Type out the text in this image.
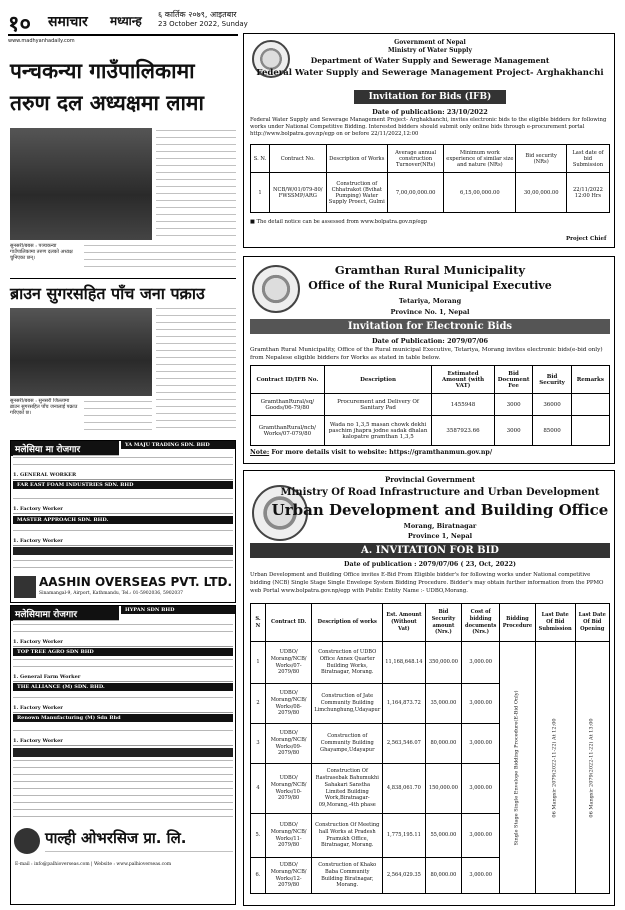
१० समाचार मध्यान्ह ६ कार्तिक २०७९, आइतबार
23 October 2022, Sunday
www.madhyanhadaily.com
पन्चकन्या गाउँपालिकामा
तरुण दल अध्यक्षमा लामा
सुनसरी/बबस : पञ्चकन्या गाउँपालिकामा तरुण दलको अध्यक्ष चुनिएका छन्।
ब्राउन सुगरसहित पाँच जना पक्राउ
सुनसरी/बबस : सुनसरी जिल्लामा ब्राउन सुगरसहित पाँच जनालाई पक्राउ गरिएको छ।
मलेसिया मा रोजगार	YA MAJU TRADING SDN. BHD
1. GENERAL WORKER
FAR EAST FOAM INDUSTRIES SDN. BHD
1. Factory Worker
MASTER APPROACH SDN. BHD.
1. Factory Worker
AASHIN OVERSEAS PVT. LTD.
Sinamangal-9, Airport, Kathmandu, Tel.: 01-5902036, 5902037
मलेसियामा रोजगार	HYPAN SDN BHD
1. Factory Worker
TOP TREE AGRO SDN BHD
1. General Farm Worker
THE ALLIANCE (M) SDN. BHD.
1. Factory Worker
Renown Manufacturing (M) Sdn Bhd
1. Factory Worker
पाल्ही ओभरसिज प्रा. लि.
E-mail : info@palhioverseas.com | Website : www.palhioverseas.com
Government of Nepal
Ministry of Water Supply
Department of Water Supply and Sewerage Management
Federal Water Supply and Sewerage Management Project- Arghakhanchi
Invitation for Bids (IFB)
Date of publication: 23/10/2022
Federal Water Supply and Sewerage Management Project- Arghakhanchi, invites electronic bids to the eligible bidders for following works under National Competitive Bidding. Interested bidders should submit only online bids through e-procurement portal http://www.bolpatra.gov.np/egp on or before 22/11/2022,12:00
S. N.	Contract No.	Description of Works	Average annual construction Turnover(NRs)	Minimum work experience of similar size and nature (NRs)	Bid security (NRs)	Last date of bid Submission
1	NCB/W/01/079-80/ FWSSMP/ARG	Construction of Chhatrakot (Bvihat Pumping) Water Supply Proect, Gulmi	7,00,00,000.00	6,15,00,000.00	30,00,000.00	22/11/2022 12:00 Hrs
■ The detail notice can be assessed from www.bolpatra.gov.np/egp
Project Chief
Gramthan Rural Municipality
Office of the Rural Municipal Executive
Tetariya, Morang
Province No. 1, Nepal
Invitation for Electronic Bids
Date of Publication: 2079/07/06
Gramthan Rural Municipality, Office of the Rural municipal Executive, Tetariya, Morang invites electronic bids(e-bid only) from Nepalese eligible bidders for Works as stated in table below.
Contract ID/IFB No.	Description	Estimated Amount (with VAT)	Bid Document Fee	Bid Security	Remarks
GramthanRural/sq/ Goods/06-79/80	Procurement and Delivery Of Sanitary Pad	1455948	3000	36000	
GramthanRural/ncb/ Works/07-079/80	Wada no 1,3,5 masan chowk dekhi paschim jhapra jodne sadak dhalan kalopatre gramthan 1,3,5	3587923.66	3000	85000	
Note: For more details visit to website: https://gramthanmun.gov.np/
Provincial Government
Ministry Of Road Infrastructure and Urban Development
Urban Development and Building Office
Morang, Biratnagar
Province 1, Nepal
A. INVITATION FOR BID
Date of publication : 2079/07/06 ( 23, Oct, 2022)
Urban Development and Building Office invites E-Bid From Eligible bidder's for following works under National competitive bidding (NCB) Single Stage Single Envelope System Bidding Procedure. Bidder's may obtain further information from the PPMO web Portal www.bolpatra.gov.np/egp with Public Entity Name :- UDBO,Morang.
S. N	Contract ID.	Description of works	Est. Amount (Without Vat)	Bid Security amount (Nrs.)	Cost of bidding documents (Nrs.)	Bidding Procedure	Last Date Of Bid Submission	Last Date Of Bid Opening
1	UDBO/ Morang/NCB/ Works/07-2079/80	Construction of UDBO Office Annex Quarter Building Works, Biratnagar, Morang.	11,168,648.14	350,000.00	3,000.00	Single Stage Single Envelope Bidding Procedure(E-Bid Only)	06 Mangsir 2079(2022-11-22) At 12:00	06 Mangsir 2079(2022-11-22) At 13:00

2	UDBO/ Morang/NCB/ Works/08-2079/80	Construction of Jate Community Building Limchunghung,Udayapur	1,164,873.72	35,000.00	3,000.00			
3	UDBO/ Morang/NCB/ Works/09-2079/80	Construction of Community Building Ghayampe,Udayapur	2,563,546.07	80,000.00	3,000.00			
4	UDBO/ Morang/NCB/ Works/10-2079/80	Construction Of Rastrasebak Bahumukhi Sahakari Sanstha Limited Building Work,Biratnagar-09,Morang,-4th phase	4,838,061.70	150,000.00	3,000.00			
5.	UDBO/ Morang/NCB/ Works/11-2079/80	Construction Of Meeting hall Works at Pradesh Pramukh Office, Biratnagar, Morang.	1,775,195.11	55,000.00	3,000.00			
6.	UDBO/ Morang/NCB/ Works/12-2079/80	Construction of Khako Baba Community Building Biratnagar, Morang.	2,564,029.35	80,000.00	3,000.00			
